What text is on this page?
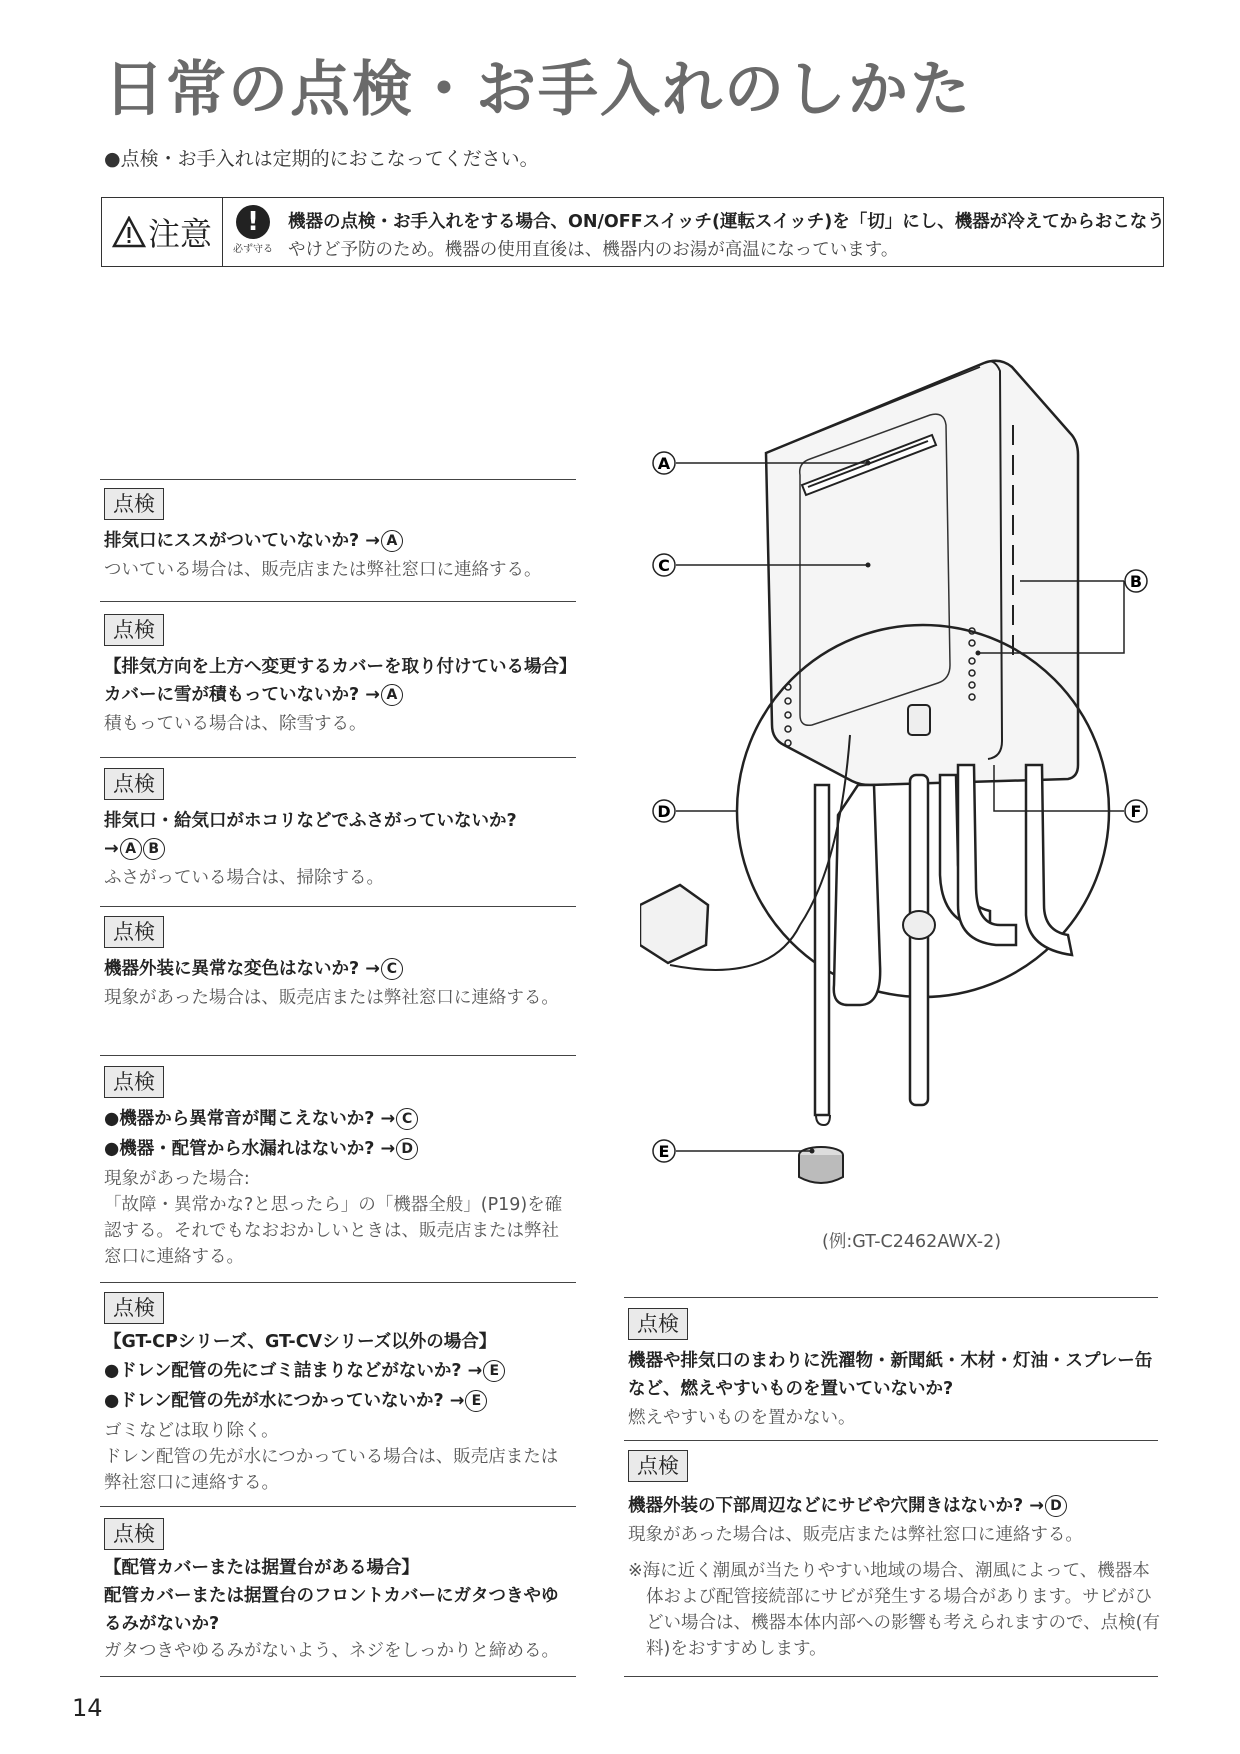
日常の点検・お手入れのしかた
●点検・お手入れは定期的におこなってください。
注意	!
必ず守る
機器の点検・お手入れをする場合、ON/OFFスイッチ(運転スイッチ)を「切」にし、機器が冷えてからおこなう
やけど予防のため。機器の使用直後は、機器内のお湯が高温になっています。
A
C
B
D	F
E
(例:GT-C2462AWX-2)
点検
排気口にススがついていないか? → A
ついている場合は、販売店または弊社窓口に連絡する。
点検
【排気方向を上方へ変更するカバーを取り付けている場合】
カバーに雪が積もっていないか? → A
積もっている場合は、除雪する。
点検
排気口・給気口がホコリなどでふさがっていないか?
→ A B
ふさがっている場合は、掃除する。
点検
機器外装に異常な変色はないか? → C
現象があった場合は、販売店または弊社窓口に連絡する。
点検
●機器から異常音が聞こえないか? → C
●機器・配管から水漏れはないか? → D
現象があった場合:
「故障・異常かな?と思ったら」の「機器全般」(P19)を確認する。それでもなおおかしいときは、販売店または弊社窓口に連絡する。
点検
【GT-CPシリーズ、GT-CVシリーズ以外の場合】
●ドレン配管の先にゴミ詰まりなどがないか? → E
●ドレン配管の先が水につかっていないか? → E
ゴミなどは取り除く。
ドレン配管の先が水につかっている場合は、販売店または弊社窓口に連絡する。
点検
【配管カバーまたは据置台がある場合】
配管カバーまたは据置台のフロントカバーにガタつきやゆるみがないか?
ガタつきやゆるみがないよう、ネジをしっかりと締める。
点検
機器や排気口のまわりに洗濯物・新聞紙・木材・灯油・スプレー缶など、燃えやすいものを置いていないか?
燃えやすいものを置かない。
点検
機器外装の下部周辺などにサビや穴開きはないか? → D
現象があった場合は、販売店または弊社窓口に連絡する。
※海に近く潮風が当たりやすい地域の場合、潮風によって、機器本体および配管接続部にサビが発生する場合があります。サビがひどい場合は、機器本体内部への影響も考えられますので、点検(有料)をおすすめします。
14
